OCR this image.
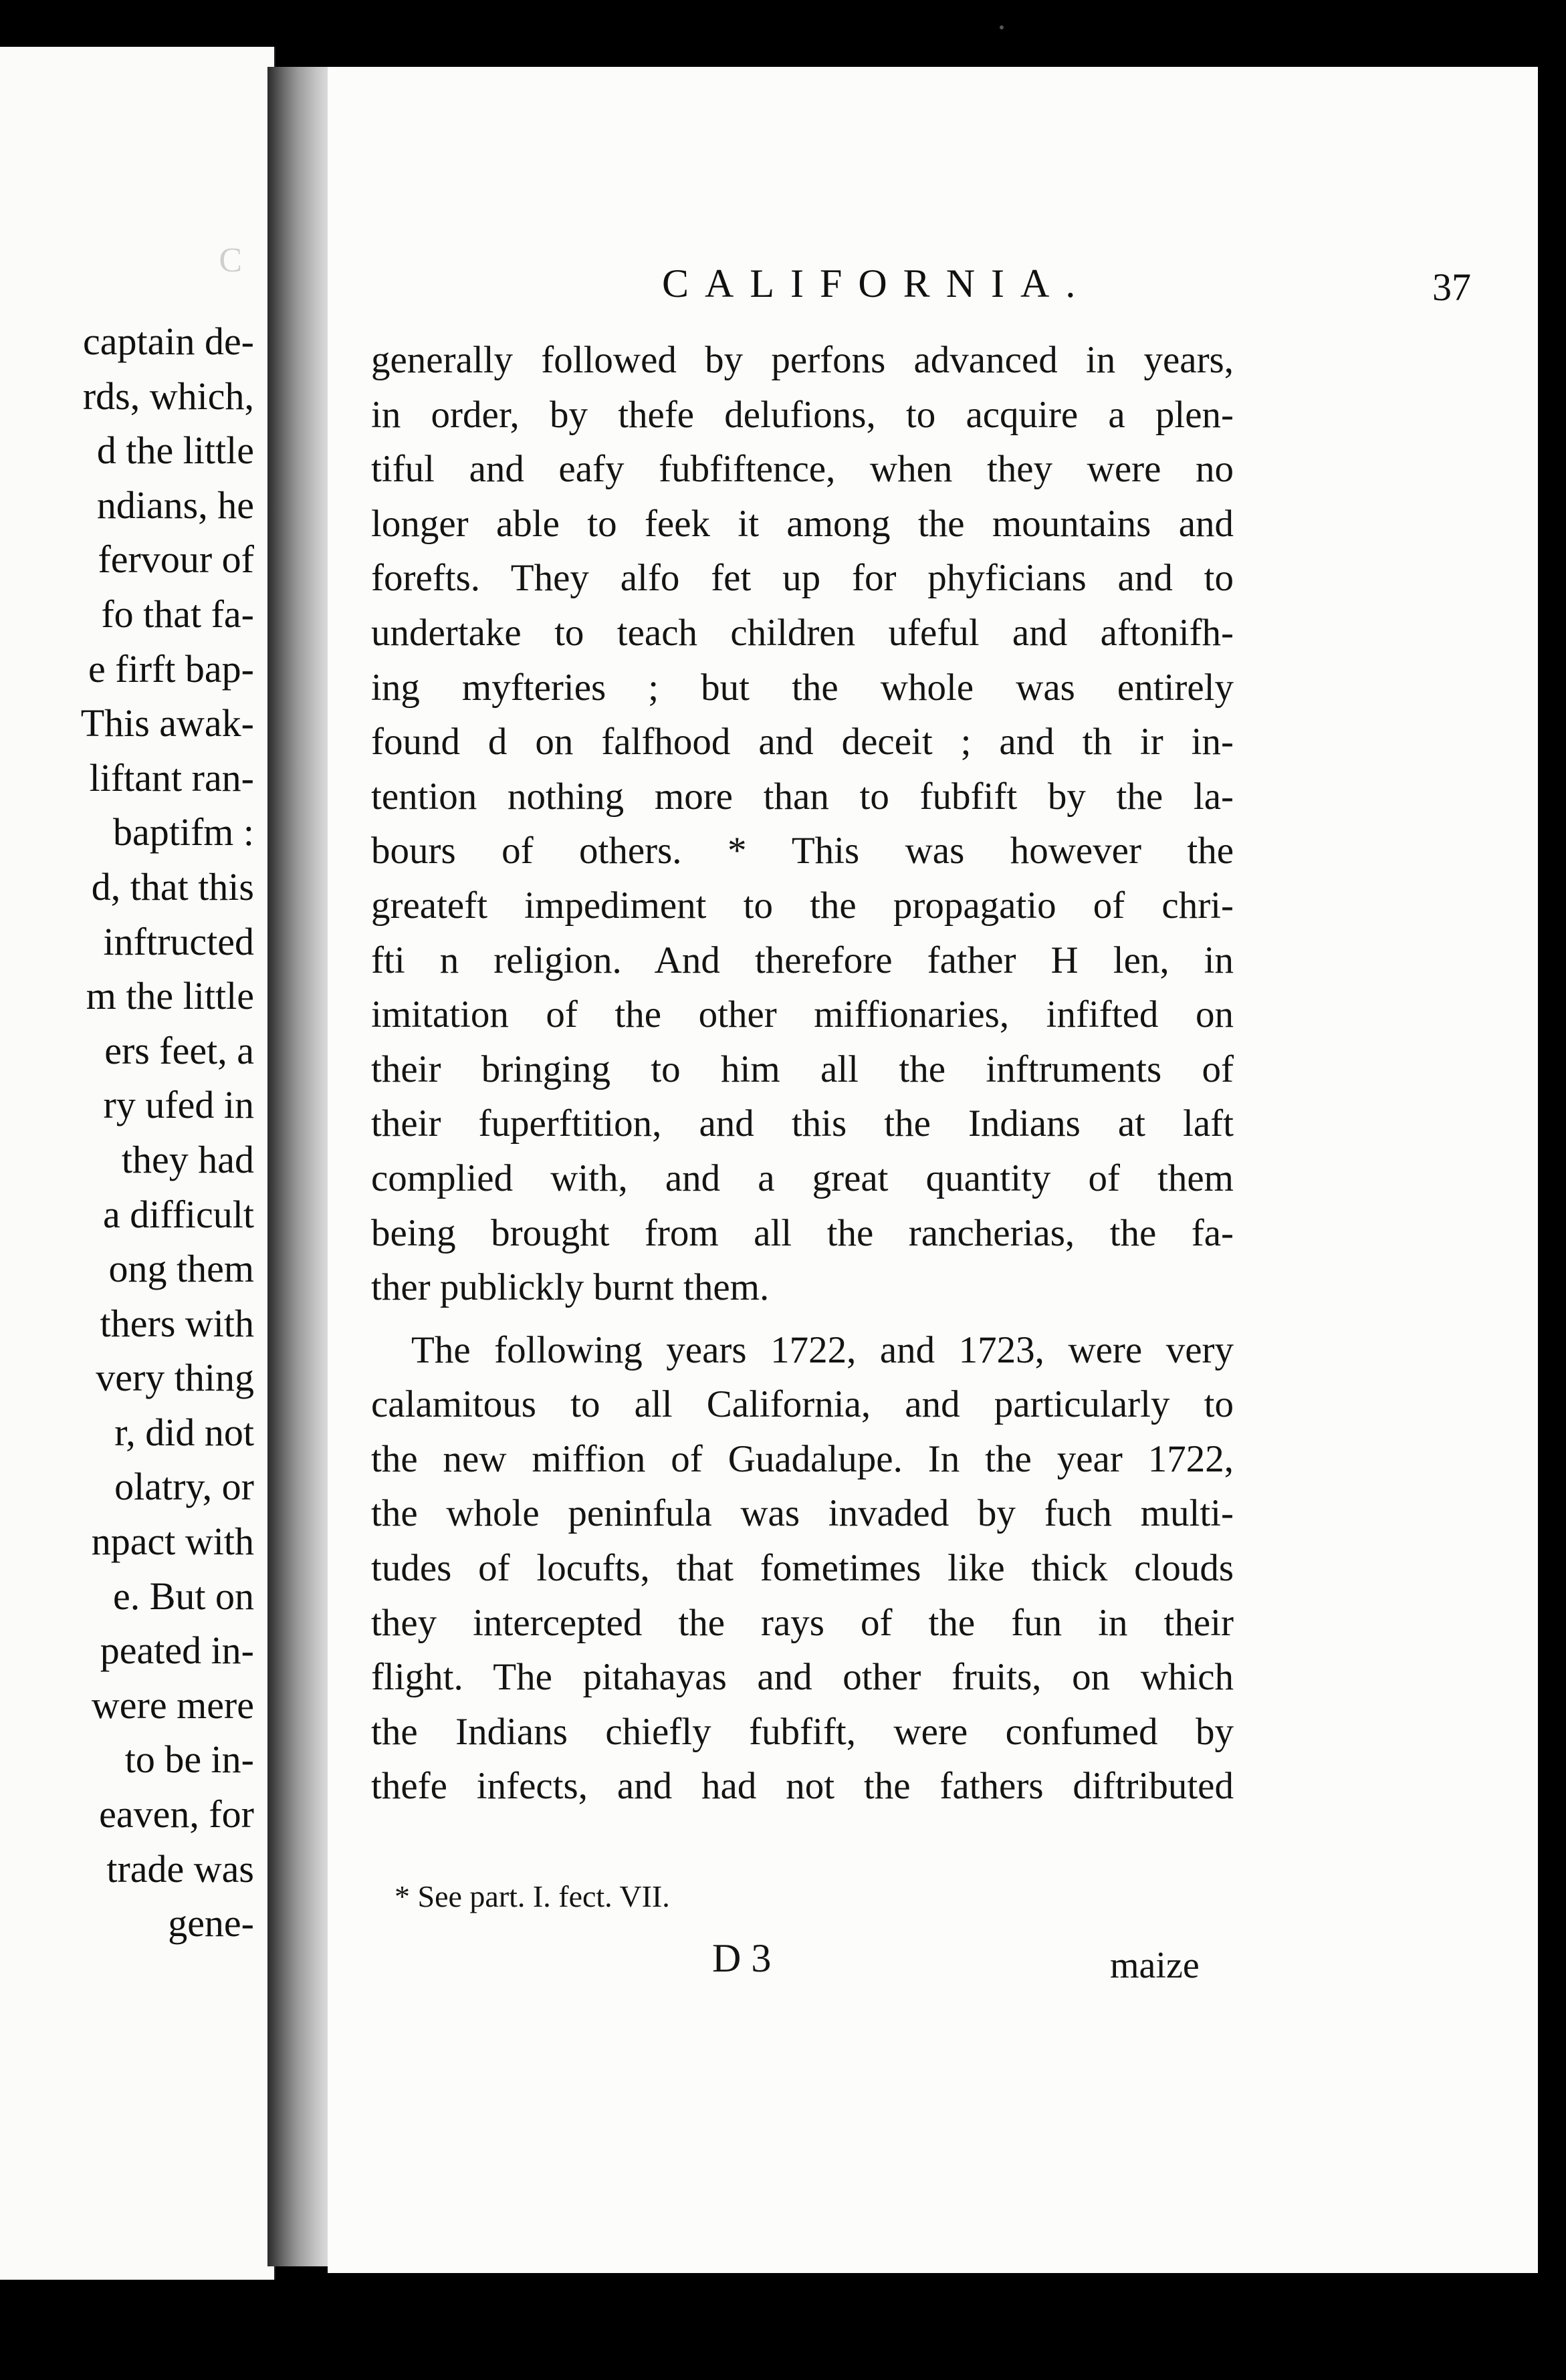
C
captain de-
rds, which,
d the little
ndians, he
fervour of
fo that fa-
e firft bap-
This awak-
liftant ran-
baptifm :
d, that this
inftructed
m the little
ers feet, a
ry ufed in
they had
a difficult
ong them
thers with
very thing
r, did not
olatry, or
npact with
e. But on
peated in-
were mere
to be in-
eaven, for
trade was
gene-
CALIFORNIA.	37
generally followed by perfons advanced in years,
in order, by thefe delufions, to acquire a plen-
tiful and eafy fubfiftence, when they were no
longer able to feek it among the mountains and
forefts. They alfo fet up for phyficians and to
undertake to teach children ufeful and aftonifh-
ing myfteries ; but the whole was entirely
found d on falfhood and deceit ; and th ir in-
tention nothing more than to fubfift by the la-
bours of others. * This was however the
greateft impediment to the propagatio of chri-
fti n religion. And therefore father H len, in
imitation of the other miffionaries, infifted on
their bringing to him all the inftruments of
their fuperftition, and this the Indians at laft
complied with, and a great quantity of them
being brought from all the rancherias, the fa-
ther publickly burnt them.
The following years 1722, and 1723, were very
calamitous to all California, and particularly to
the new miffion of Guadalupe. In the year 1722,
the whole peninfula was invaded by fuch multi-
tudes of locufts, that fometimes like thick clouds
they intercepted the rays of the fun in their
flight. The pitahayas and other fruits, on which
the Indians chiefly fubfift, were confumed by
thefe infects, and had not the fathers diftributed
* See part. I. fect. VII.
D 3	maize
